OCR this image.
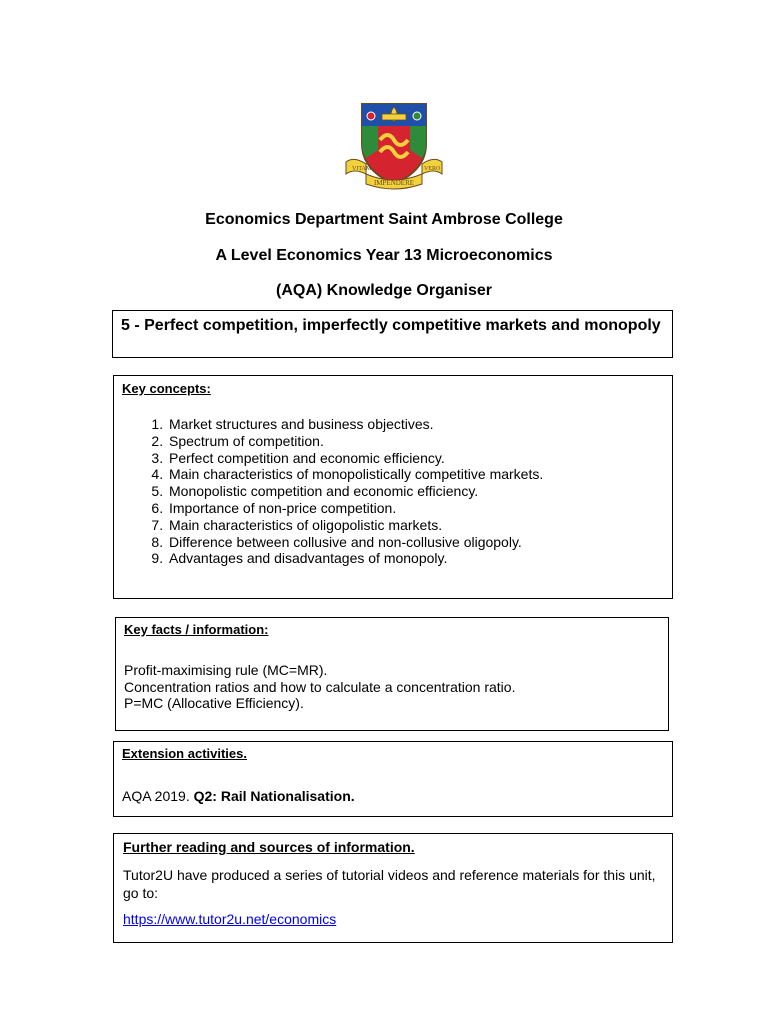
VITAM	VERO
IMPENDERE
Economics Department Saint Ambrose College
A Level Economics Year 13 Microeconomics
(AQA) Knowledge Organiser
5 - Perfect competition, imperfectly competitive markets and monopoly
Key concepts:
1. Market structures and business objectives.
2. Spectrum of competition.
3. Perfect competition and economic efficiency.
4. Main characteristics of monopolistically competitive markets.
5. Monopolistic competition and economic efficiency.
6. Importance of non-price competition.
7. Main characteristics of oligopolistic markets.
8. Difference between collusive and non-collusive oligopoly.
9. Advantages and disadvantages of monopoly.
Key facts / information:
Profit-maximising rule (MC=MR).
Concentration ratios and how to calculate a concentration ratio.
P=MC (Allocative Efficiency).
Extension activities.
AQA 2019. Q2: Rail Nationalisation.
Further reading and sources of information.
Tutor2U have produced a series of tutorial videos and reference materials for this unit, go to:
https://www.tutor2u.net/economics
